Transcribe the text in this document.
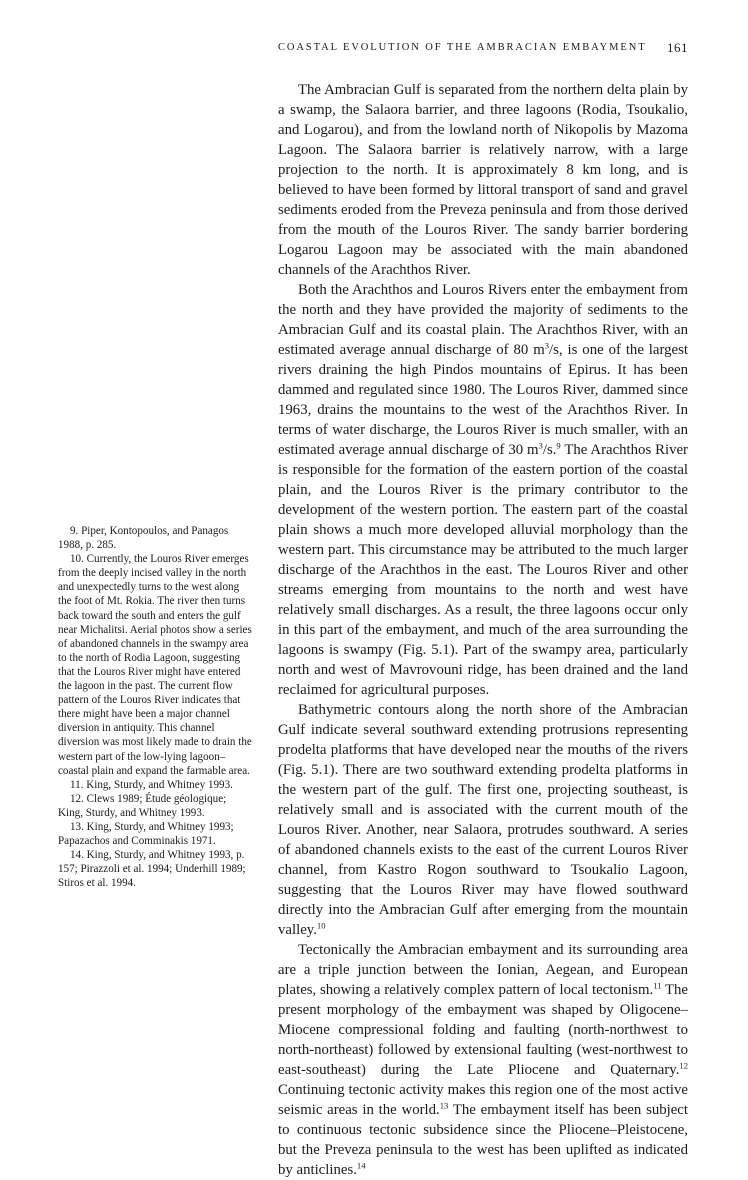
COASTAL EVOLUTION OF THE AMBRACIAN EMBAYMENT 161

The Ambracian Gulf is separated from the northern delta plain by a swamp, the Salaora barrier, and three lagoons (Rodia, Tsoukalio, and Logarou), and from the lowland north of Nikopolis by Mazoma Lagoon. The Salaora barrier is relatively narrow, with a large projection to the north. It is approximately 8 km long, and is believed to have been formed by littoral transport of sand and gravel sediments eroded from the Preveza peninsula and from those derived from the mouth of the Louros River. The sandy barrier bordering Logarou Lagoon may be associated with the main abandoned channels of the Arachthos River.

Both the Arachthos and Louros Rivers enter the embayment from the north and they have provided the majority of sediments to the Ambracian Gulf and its coastal plain. The Arachthos River, with an estimated average annual discharge of 80 $m^3/s$, is one of the largest rivers draining the high Pindos mountains of Epirus. It has been dammed and regulated since 1980. The Louros River, dammed since 1963, drains the mountains to the west of the Arachthos River. In terms of water discharge, the Louros River is much smaller, with an estimated average annual discharge of 30 $m^3/s.^9$ The Arachthos River is responsible for the formation of the eastern portion of the coastal plain, and the Louros River is the primary contributor to the development of the western portion. The eastern part of the coastal plain shows a much more developed alluvial morphology than the western part. This circumstance may be attributed to the much larger discharge of the Arachthos in the east. The Louros River and other streams emerging from mountains to the north and west have relatively small discharges. As a result, the three lagoons occur only in this part of the embayment, and much of the area surrounding the lagoons is swampy (Fig. 5.1). Part of the swampy area, particularly north and west of Mavrovouni ridge, has been drained and the land reclaimed for agricultural purposes.

Bathymetric contours along the north shore of the Ambracian Gulf indicate several southward extending protrusions representing prodelta platforms that have developed near the mouths of the rivers (Fig. 5.1). There are two southward extending prodelta platforms in the western part of the gulf. The first one, projecting southeast, is relatively small and is associated with the current mouth of the Louros River. Another, near Salaora, protrudes southward. A series of abandoned channels exists to the east of the current Louros River channel, from Kastro Rogon southward to Tsoukalio Lagoon, suggesting that the Louros River may have flowed southward directly into the Ambracian Gulf after emerging from the mountain valley.$^{10}$

Tectonically the Ambracian embayment and its surrounding area are a triple junction between the Ionian, Aegean, and European plates, showing a relatively complex pattern of local tectonism.$^{11}$ The present morphology of the embayment was shaped by Oligocene–Miocene compressional folding and faulting (north-northwest to north-northeast) followed by extensional faulting (west-northwest to east-southeast) during the Late Pliocene and Quaternary.$^{12}$ Continuing tectonic activity makes this region one of the most active seismic areas in the world.$^{13}$ The embayment itself has been subject to continuous tectonic subsidence since the Pliocene–Pleistocene, but the Preveza peninsula to the west has been uplifted as indicated by anticlines.$^{14}$

9. Piper, Kontopoulos, and Panagos 1988, p. 285.

10. Currently, the Louros River emerges from the deeply incised valley in the north and unexpectedly turns to the west along the foot of Mt. Rokia. The river then turns back toward the south and enters the gulf near Michalitsi. Aerial photos show a series of abandoned channels in the swampy area to the north of Rodia Lagoon, suggesting that the Louros River might have entered the lagoon in the past. The current flow pattern of the Louros River indicates that there might have been a major channel diversion in antiquity. This channel diversion was most likely made to drain the western part of the low-lying lagoon–coastal plain and expand the farmable area.

11. King, Sturdy, and Whitney 1993.

12. Clews 1989; Étude géologique; King, Sturdy, and Whitney 1993.

13. King, Sturdy, and Whitney 1993; Papazachos and Comminakis 1971.

14. King, Sturdy, and Whitney 1993, p. 157; Pirazzoli et al. 1994; Underhill 1989; Stiros et al. 1994.
